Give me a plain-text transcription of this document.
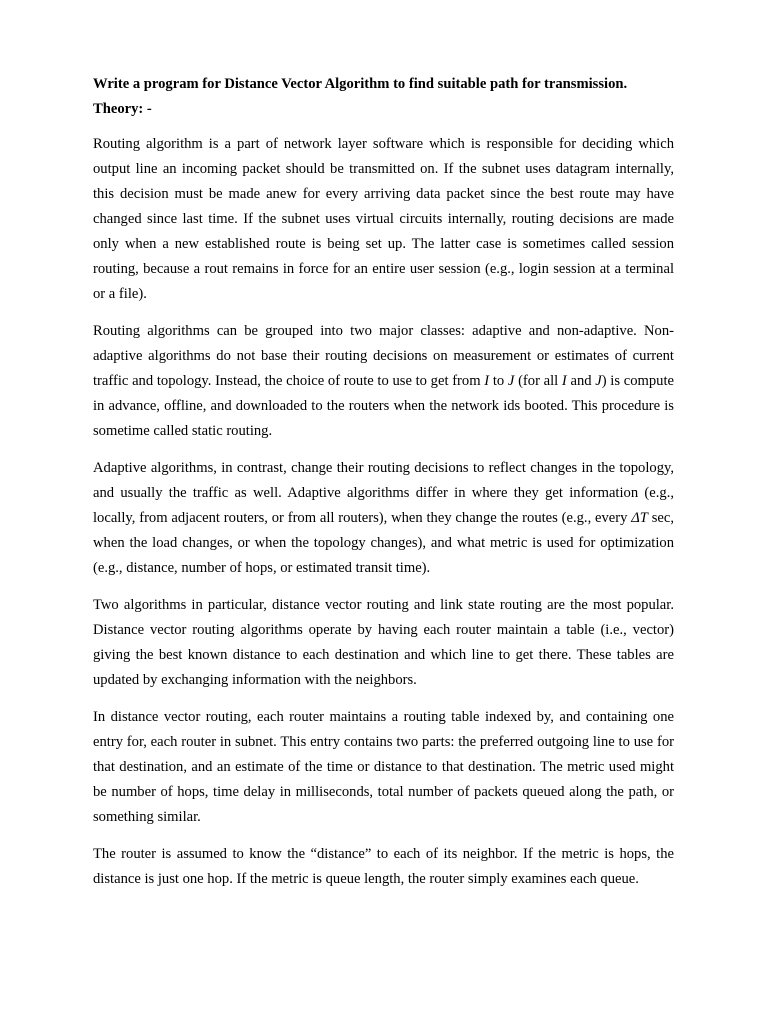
Write a program for Distance Vector Algorithm to find suitable path for transmission.
Theory: -

Routing algorithm is a part of network layer software which is responsible for deciding which output line an incoming packet should be transmitted on. If the subnet uses datagram internally, this decision must be made anew for every arriving data packet since the best route may have changed since last time. If the subnet uses virtual circuits internally, routing decisions are made only when a new established route is being set up. The latter case is sometimes called session routing, because a rout remains in force for an entire user session (e.g., login session at a terminal or a file).

Routing algorithms can be grouped into two major classes: adaptive and non-adaptive. Non-adaptive algorithms do not base their routing decisions on measurement or estimates of current traffic and topology. Instead, the choice of route to use to get from I to J (for all I and J) is compute in advance, offline, and downloaded to the routers when the network ids booted. This procedure is sometime called static routing.

Adaptive algorithms, in contrast, change their routing decisions to reflect changes in the topology, and usually the traffic as well. Adaptive algorithms differ in where they get information (e.g., locally, from adjacent routers, or from all routers), when they change the routes (e.g., every ΔT sec, when the load changes, or when the topology changes), and what metric is used for optimization (e.g., distance, number of hops, or estimated transit time).

Two algorithms in particular, distance vector routing and link state routing are the most popular. Distance vector routing algorithms operate by having each router maintain a table (i.e., vector) giving the best known distance to each destination and which line to get there. These tables are updated by exchanging information with the neighbors.

In distance vector routing, each router maintains a routing table indexed by, and containing one entry for, each router in subnet. This entry contains two parts: the preferred outgoing line to use for that destination, and an estimate of the time or distance to that destination. The metric used might be number of hops, time delay in milliseconds, total number of packets queued along the path, or something similar.

The router is assumed to know the “distance” to each of its neighbor. If the metric is hops, the distance is just one hop. If the metric is queue length, the router simply examines each queue.
